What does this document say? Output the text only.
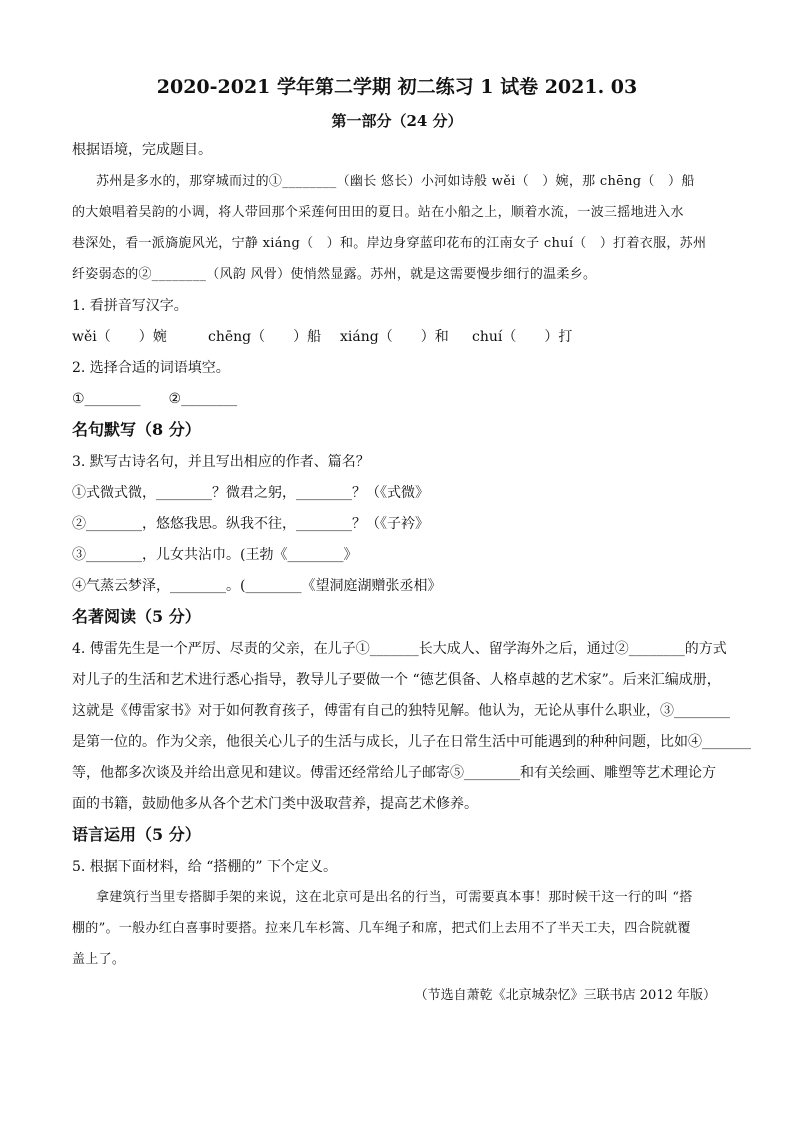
2020-2021 学年第二学期 初二练习 1 试卷 2021. 03
第一部分（24 分）
根据语境，完成题目。
苏州是多水的，那穿城而过的①________（幽长 悠长）小河如诗般 wěi（　）婉，那 chēng（　）船
的大娘唱着吴韵的小调，将人带回那个采莲何田田的夏日。站在小船之上，顺着水流，一波三摇地进入水
巷深处，看一派旖旎风光，宁静 xiáng（　）和。岸边身穿蓝印花布的江南女子 chuí（　）打着衣服，苏州
纤姿弱态的②________（风韵 风骨）使悄然显露。苏州，就是这需要慢步细行的温柔乡。
1. 看拼音写汉字。
wěi（　　）婉	chēng（　　）船 xiáng（　　）和 chuí（　　）打
2. 选择合适的词语填空。
①________　　②________
名句默写（8 分）
3. 默写古诗名句，并且写出相应的作者、篇名？
①式微式微，________？微君之躬，________？（《式微》
②________，悠悠我思。纵我不往，________？（《子衿》
③________，儿女共沾巾。(王勃《________》
④气蒸云梦泽，________。(________《望洞庭湖赠张丞相》
名著阅读（5 分）
4. 傅雷先生是一个严厉、尽责的父亲，在儿子①_______长大成人、留学海外之后，通过②________的方式
对儿子的生活和艺术进行悉心指导，教导儿子要做一个 “德艺俱备、人格卓越的艺术家”。后来汇编成册，
这就是《傅雷家书》对于如何教育孩子，傅雷有自己的独特见解。他认为，无论从事什么职业，③________
是第一位的。作为父亲，他很关心儿子的生活与成长，儿子在日常生活中可能遇到的种种问题，比如④_______
等，他都多次谈及并给出意见和建议。傅雷还经常给儿子邮寄⑤________和有关绘画、雕塑等艺术理论方
面的书籍，鼓励他多从各个艺术门类中汲取营养，提高艺术修养。
语言运用（5 分）
5. 根据下面材料，给 “搭棚的” 下个定义。
拿建筑行当里专搭脚手架的来说，这在北京可是出名的行当，可需要真本事！那时候干这一行的叫 “搭
棚的”。一般办红白喜事时要搭。拉来几车杉篙、几车绳子和席，把式们上去用不了半天工夫，四合院就覆
盖上了。
（节选自萧乾《北京城杂忆》三联书店 2012 年版）
